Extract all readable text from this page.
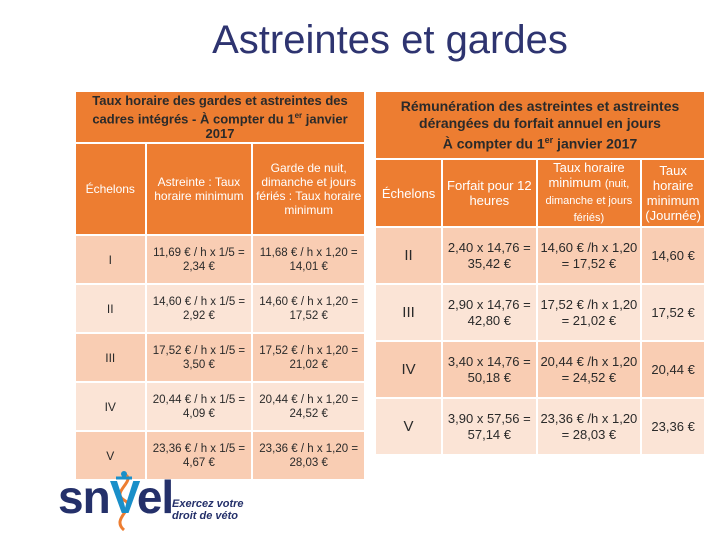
Astreintes et gardes
Taux horaire des gardes et astreintes des
cadres intégrés - À compter du 1er janvier 2017		
Échelons	Astreinte : Taux horaire minimum	Garde de nuit, dimanche et jours fériés : Taux horaire minimum
I	11,69 € / h x 1/5 = 2,34 €	11,68 € / h x 1,20 = 14,01 €
II	14,60 € / h x 1/5 = 2,92 €	14,60 € / h x 1,20 = 17,52 €
III	17,52 € / h x 1/5 = 3,50 €	17,52 € / h x 1,20 = 21,02 €
IV	20,44 € / h x 1/5 = 4,09 €	20,44 € / h x 1,20 = 24,52 €
V	23,36 € / h x 1/5 = 4,67 €	23,36 € / h x 1,20 = 28,03 €
Rémunération des astreintes et astreintes
dérangées du forfait annuel en jours
À compter du 1er janvier 2017			
Échelons	Forfait pour 12 heures	Taux horaire minimum (nuit, dimanche et jours fériés)	Taux horaire minimum (Journée)
II	2,40 x 14,76 = 35,42 €	14,60 € /h x 1,20 = 17,52 €	14,60 €
III	2,90 x 14,76 = 42,80 €	17,52 € /h x 1,20 = 21,02 €	17,52 €
IV	3,40 x 14,76 = 50,18 €	20,44 € /h x 1,20 = 24,52 €	20,44 €
V	3,90 x 57,56 = 57,14 €	23,36 € /h x 1,20 = 28,03 €	23,36 €
snVel
Exercez votre
droit de véto
